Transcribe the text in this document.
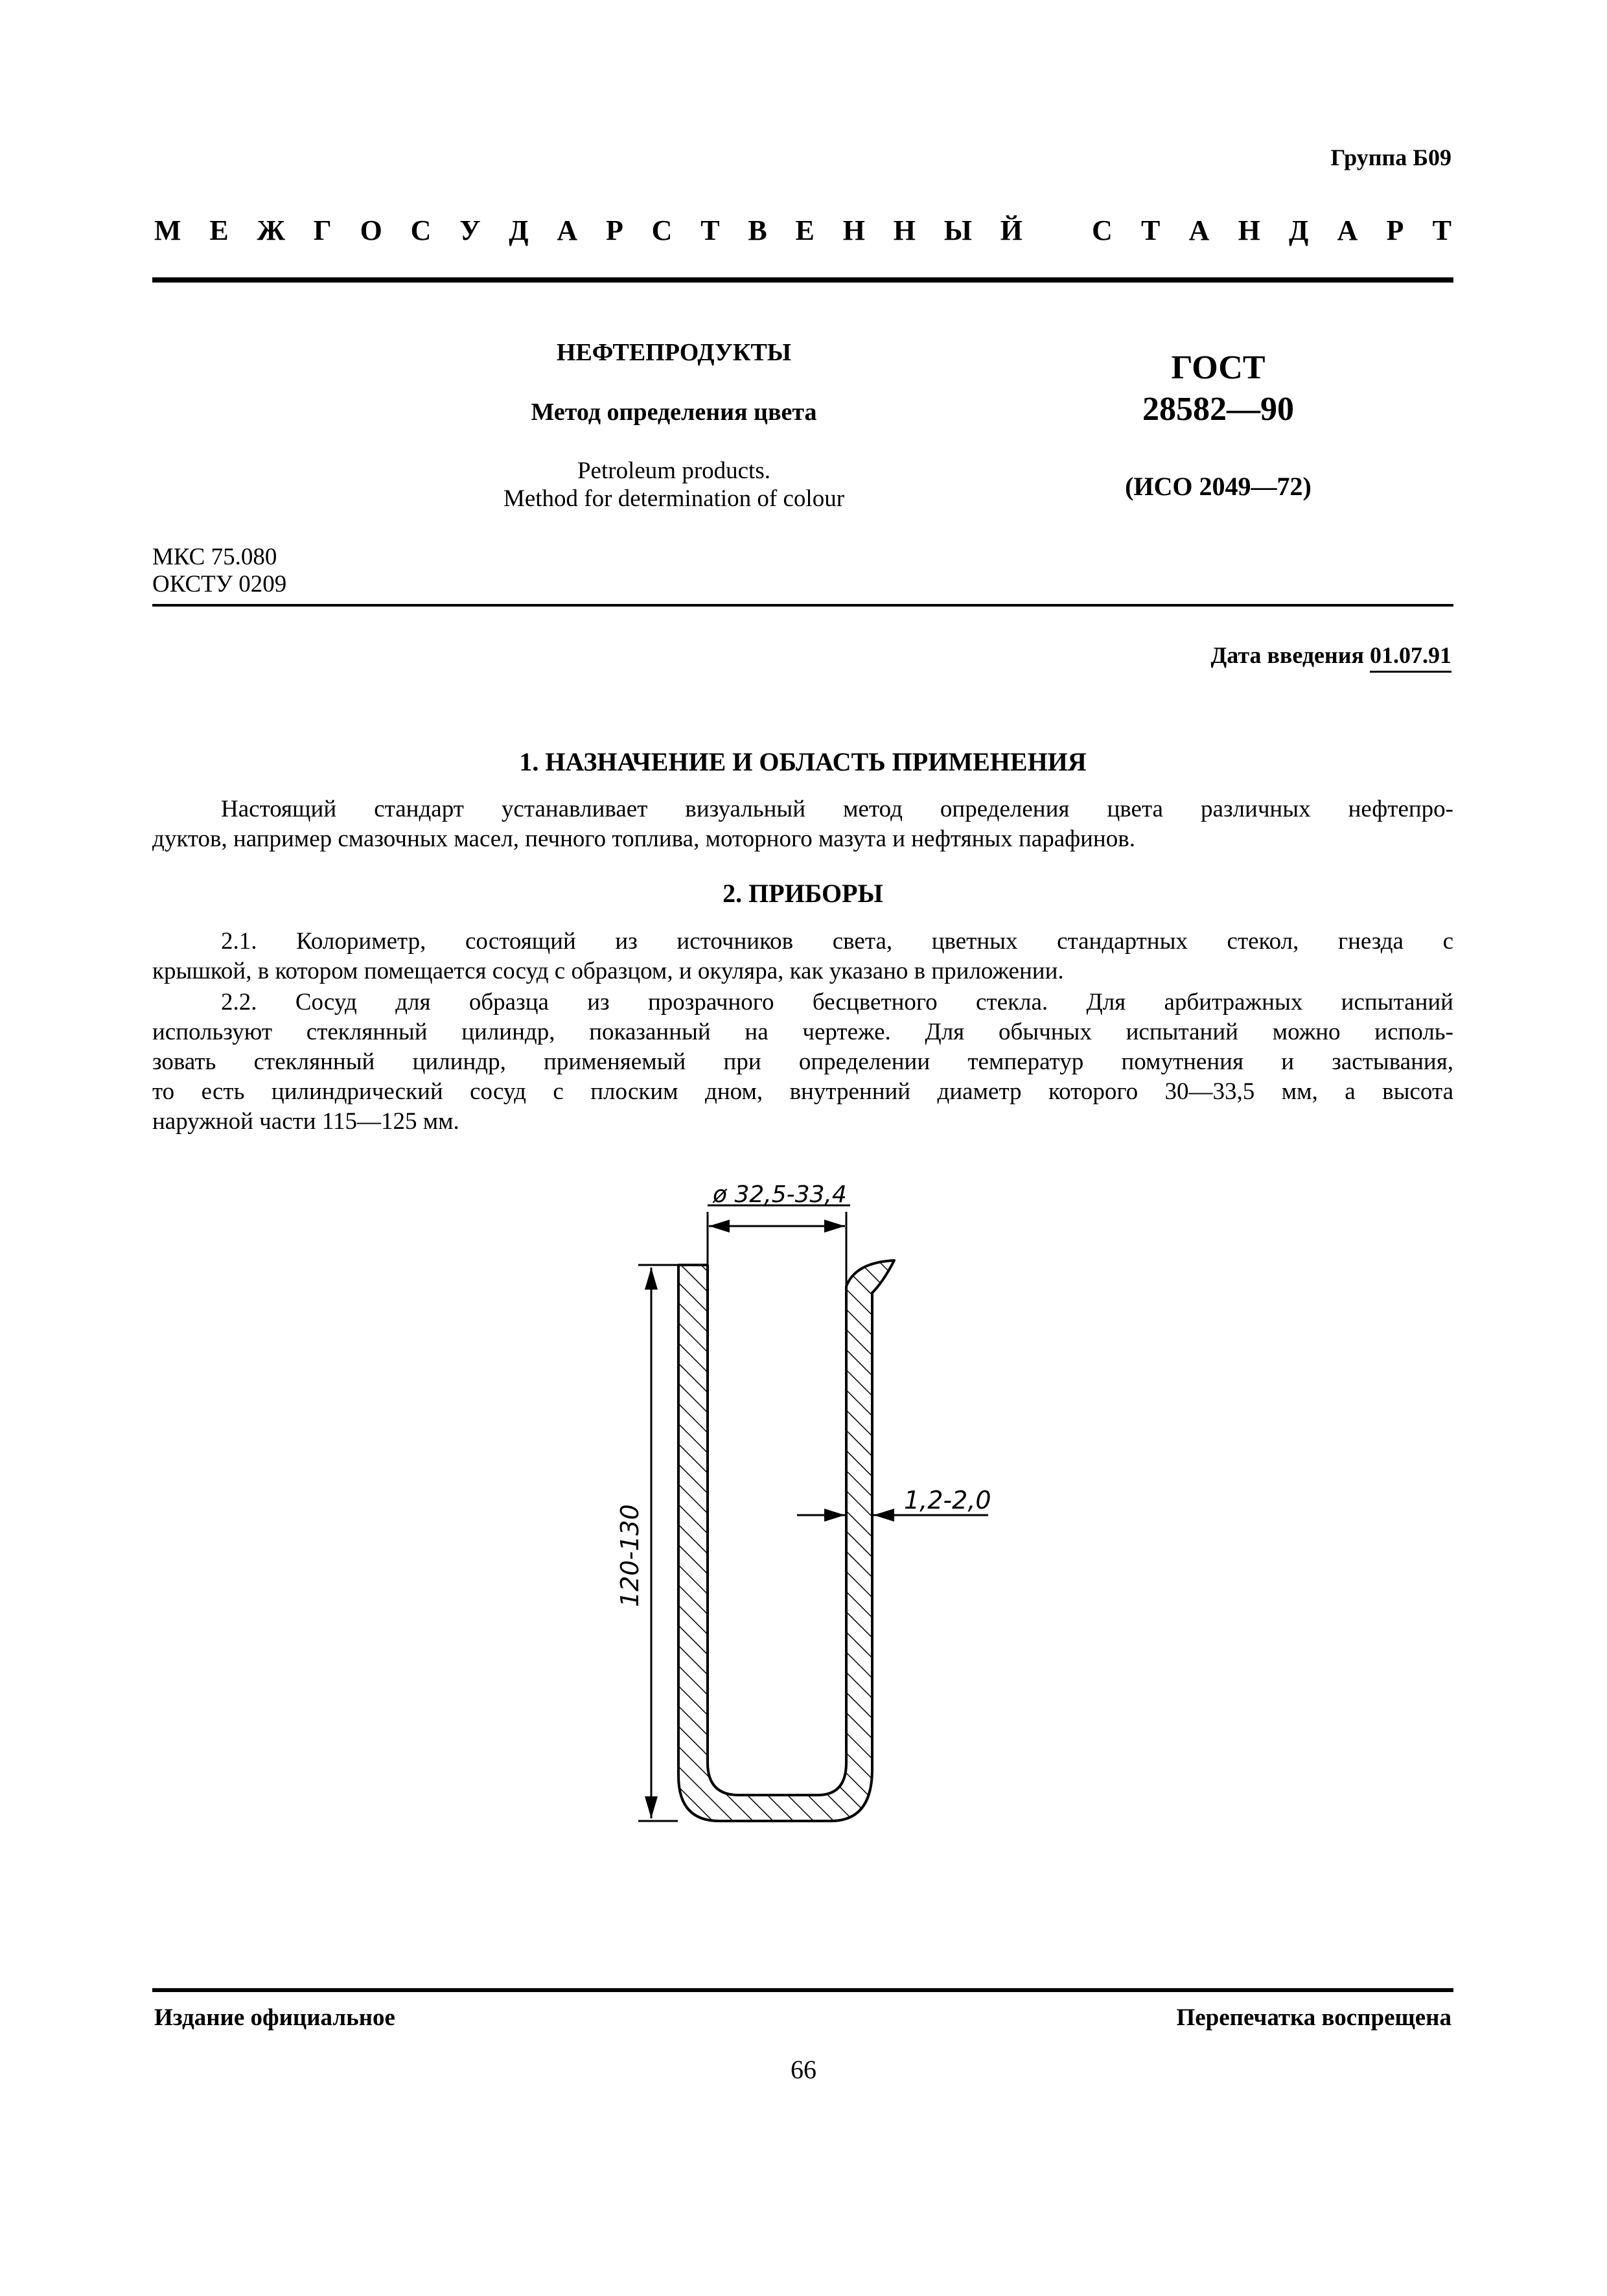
Группа Б09
М Е Ж Г О С У Д А Р С Т В Е Н Н Ы Й С Т А Н Д А Р Т
НЕФТЕПРОДУКТЫ
Метод определения цвета
Petroleum products.
Method for determination of colour
ГОСТ
28582—90
(ИСО 2049—72)
МКС 75.080
ОКСТУ 0209
Дата введения 01.07.91
1. НАЗНАЧЕНИЕ И ОБЛАСТЬ ПРИМЕНЕНИЯ
Настоящий стандарт устанавливает визуальный метод определения цвета различных нефтепро-
дуктов, например смазочных масел, печного топлива, моторного мазута и нефтяных парафинов.
2. ПРИБОРЫ
2.1. Колориметр, состоящий из источников света, цветных стандартных стекол, гнезда с
крышкой, в котором помещается сосуд с образцом, и окуляра, как указано в приложении.
2.2. Сосуд для образца из прозрачного бесцветного стекла. Для арбитражных испытаний
используют стеклянный цилиндр, показанный на чертеже. Для обычных испытаний можно исполь-
зовать стеклянный цилиндр, применяемый при определении температур помутнения и застывания,
то есть цилиндрический сосуд с плоским дном, внутренний диаметр которого 30—33,5 мм, а высота
наружной части 115—125 мм.
ø 32,5-33,4
120-130
1,2-2,0
Издание официальное	Перепечатка воспрещена
66
